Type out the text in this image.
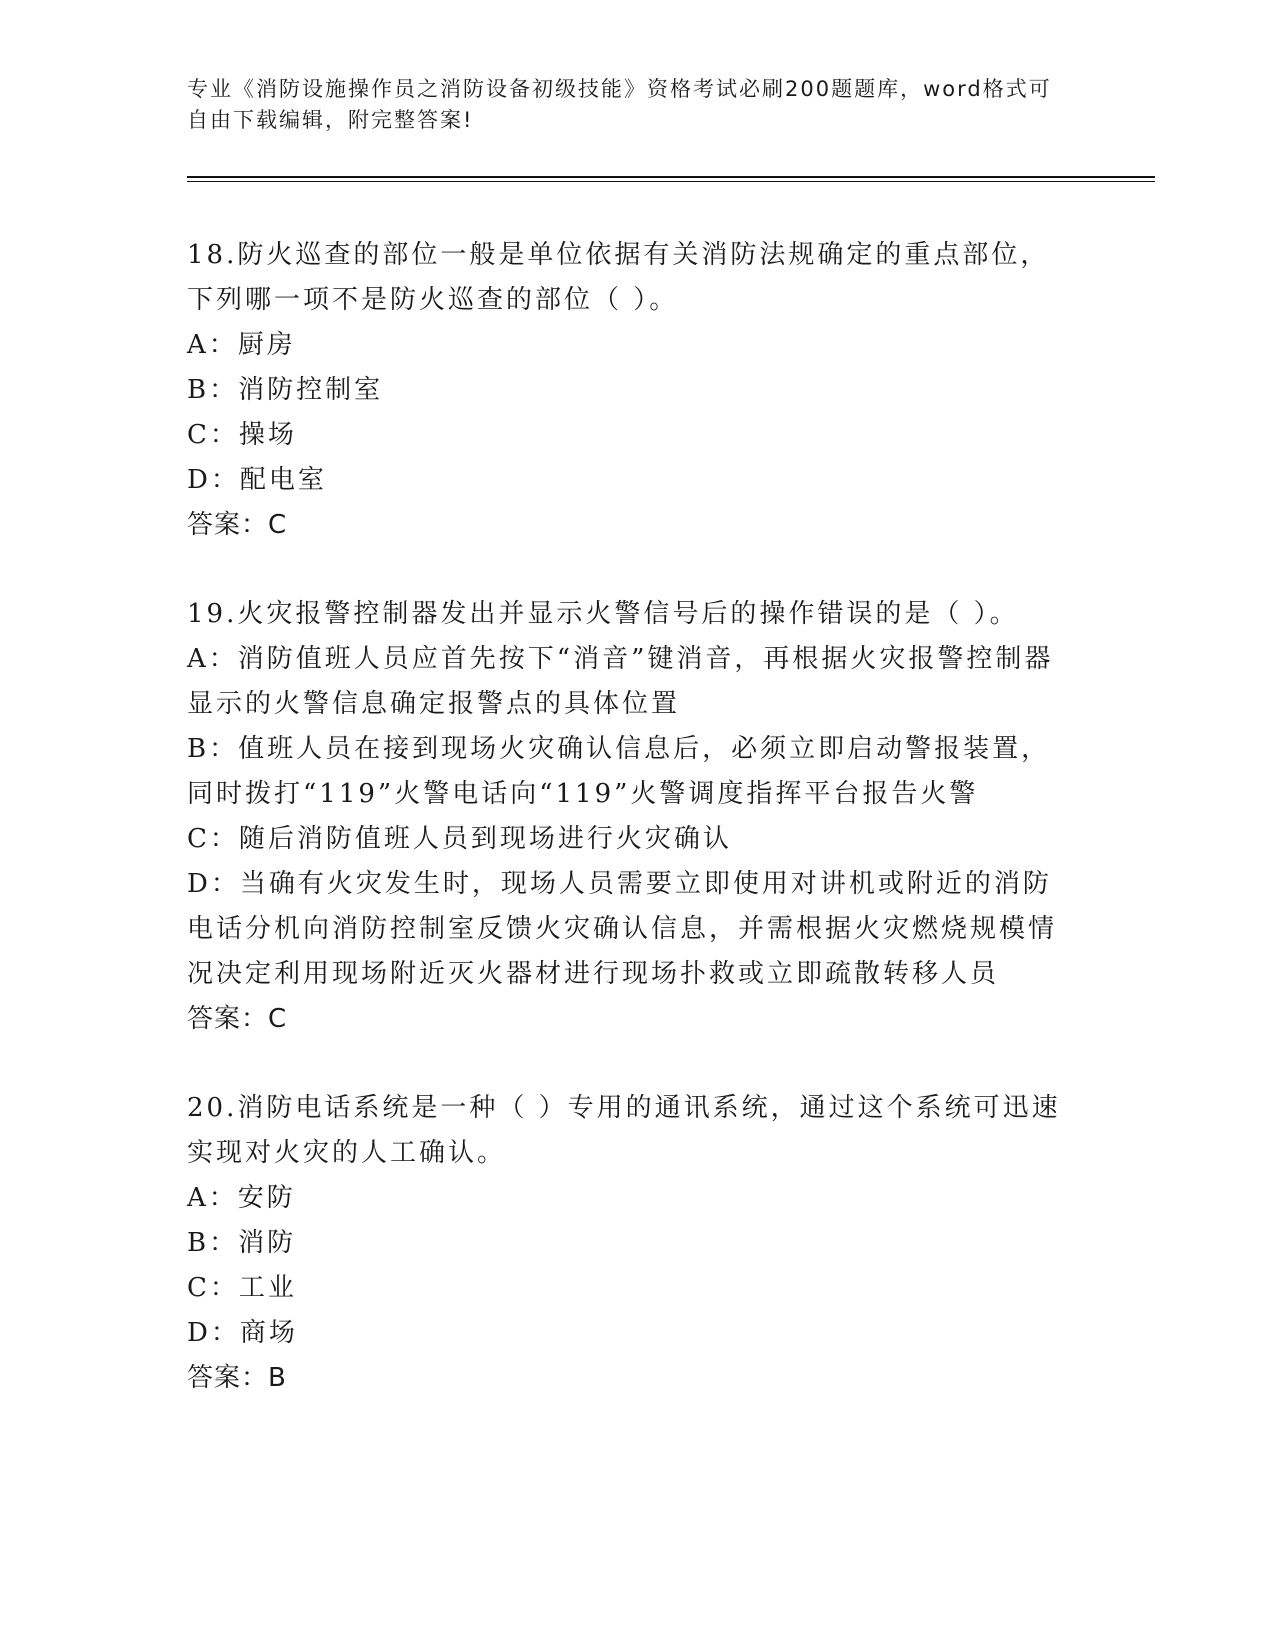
专业《消防设施操作员之消防设备初级技能》资格考试必刷200题题库，word格式可自由下载编辑，附完整答案!

18.防火巡查的部位一般是单位依据有关消防法规确定的重点部位，下列哪一项不是防火巡查的部位（ ）。

A：厨房

B：消防控制室

C：操场

D：配电室

答案：C

19.火灾报警控制器发出并显示火警信号后的操作错误的是（ ）。

A：消防值班人员应首先按下“消音”键消音，再根据火灾报警控制器显示的火警信息确定报警点的具体位置

B：值班人员在接到现场火灾确认信息后，必须立即启动警报装置，同时拨打“119”火警电话向“119”火警调度指挥平台报告火警

C：随后消防值班人员到现场进行火灾确认

D：当确有火灾发生时，现场人员需要立即使用对讲机或附近的消防电话分机向消防控制室反馈火灾确认信息，并需根据火灾燃烧规模情况决定利用现场附近灭火器材进行现场扑救或立即疏散转移人员

答案：C

20.消防电话系统是一种（ ）专用的通讯系统，通过这个系统可迅速实现对火灾的人工确认。

A：安防

B：消防

C：工业

D：商场

答案：B
